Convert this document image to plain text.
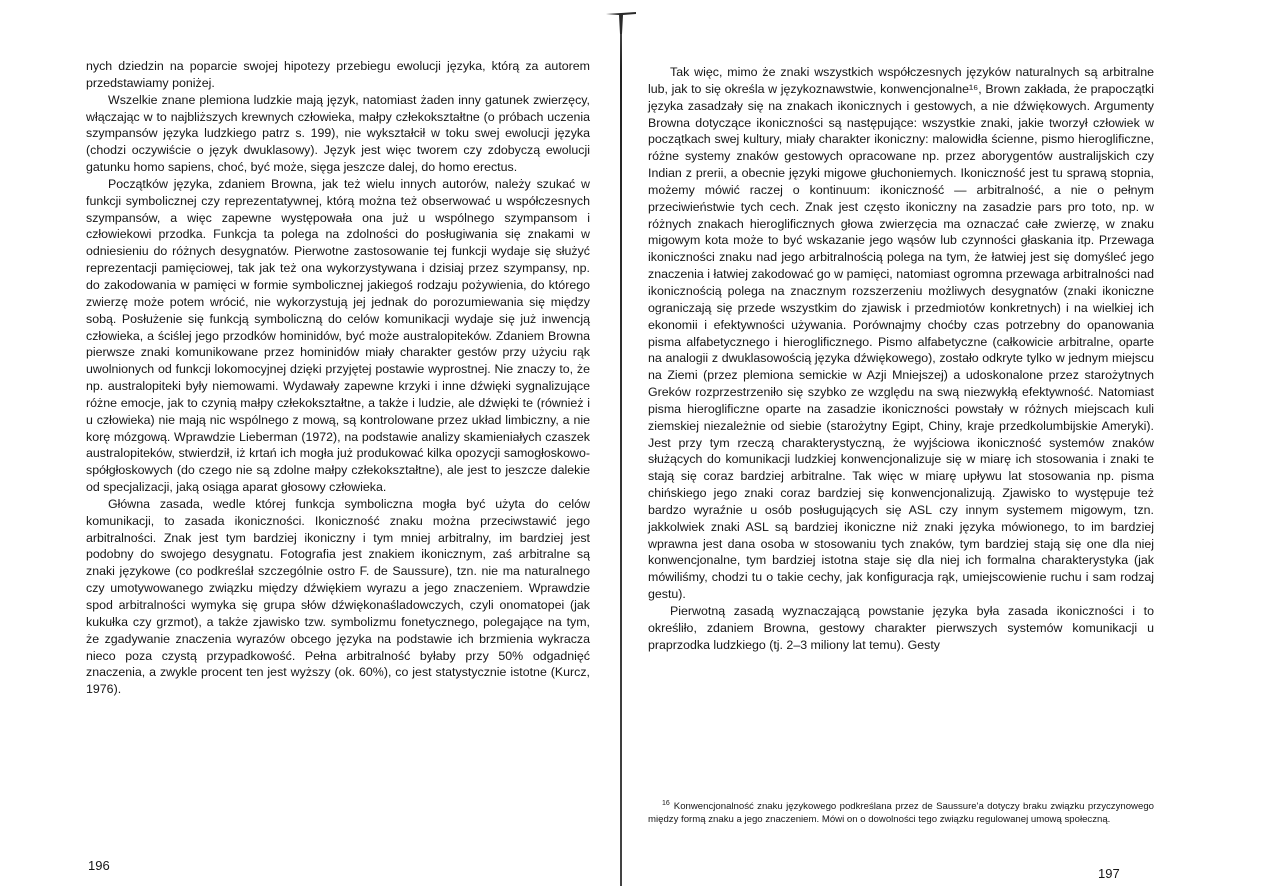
nych dziedzin na poparcie swojej hipotezy przebiegu ewolucji języka, którą za autorem przedstawiamy poniżej.

Wszelkie znane plemiona ludzkie mają język, natomiast żaden inny gatunek zwierzęcy, włączając w to najbliższych krewnych człowieka, małpy człekokształtne (o próbach uczenia szympansów języka ludzkiego patrz s. 199), nie wykształcił w toku swej ewolucji języka (chodzi oczywiście o język dwuklasowy). Język jest więc tworem czy zdobyczą ewolucji gatunku homo sapiens, choć, być może, sięga jeszcze dalej, do homo erectus.

Początków języka, zdaniem Browna, jak też wielu innych autorów, należy szukać w funkcji symbolicznej czy reprezentatywnej, którą można też obserwować u współczesnych szympansów, a więc zapewne występowała ona już u wspólnego szympansom i człowiekowi przodka. Funkcja ta polega na zdolności do posługiwania się znakami w odniesieniu do różnych desygnatów. Pierwotne zastosowanie tej funkcji wydaje się służyć reprezentacji pamięciowej, tak jak też ona wykorzystywana i dzisiaj przez szympansy, np. do zakodowania w pamięci w formie symbolicznej jakiegoś rodzaju pożywienia, do którego zwierzę może potem wrócić, nie wykorzystują jej jednak do porozumiewania się między sobą. Posłużenie się funkcją symboliczną do celów komunikacji wydaje się już inwencją człowieka, a ściślej jego przodków hominidów, być może australopiteków. Zdaniem Browna pierwsze znaki komunikowane przez hominidów miały charakter gestów przy użyciu rąk uwolnionych od funkcji lokomocyjnej dzięki przyjętej postawie wyprostnej. Nie znaczy to, że np. australopiteki były niemowami. Wydawały zapewne krzyki i inne dźwięki sygnalizujące różne emocje, jak to czynią małpy człekokształtne, a także i ludzie, ale dźwięki te (również i u człowieka) nie mają nic wspólnego z mową, są kontrolowane przez układ limbiczny, a nie korę mózgową. Wprawdzie Lieberman (1972), na podstawie analizy skamieniałych czaszek australopiteków, stwierdził, iż krtań ich mogła już produkować kilka opozycji samogłoskowo-spółgłoskowych (do czego nie są zdolne małpy człekokształtne), ale jest to jeszcze dalekie od specjalizacji, jaką osiąga aparat głosowy człowieka.

Główna zasada, wedle której funkcja symboliczna mogła być użyta do celów komunikacji, to zasada ikoniczności. Ikoniczność znaku można przeciwstawić jego arbitralności. Znak jest tym bardziej ikoniczny i tym mniej arbitralny, im bardziej jest podobny do swojego desygnatu. Fotografia jest znakiem ikonicznym, zaś arbitralne są znaki językowe (co podkreślał szczególnie ostro F. de Saussure), tzn. nie ma naturalnego czy umotywowanego związku między dźwiękiem wyrazu a jego znaczeniem. Wprawdzie spod arbitralności wymyka się grupa słów dźwiękonaśladowczych, czyli onomatopei (jak kukułka czy grzmot), a także zjawisko tzw. symbolizmu fonetycznego, polegające na tym, że zgadywanie znaczenia wyrazów obcego języka na podstawie ich brzmienia wykracza nieco poza czystą przypadkowość. Pełna arbitralność byłaby przy 50% odgadnięć znaczenia, a zwykle procent ten jest wyższy (ok. 60%), co jest statystycznie istotne (Kurcz, 1976).

196

Tak więc, mimo że znaki wszystkich współczesnych języków naturalnych są arbitralne lub, jak to się określa w językoznawstwie, konwencjonalne¹⁶, Brown zakłada, że prapoczątki języka zasadzały się na znakach ikonicznych i gestowych, a nie dźwiękowych. Argumenty Browna dotyczące ikoniczności są następujące: wszystkie znaki, jakie tworzył człowiek w początkach swej kultury, miały charakter ikoniczny: malowidła ścienne, pismo hieroglificzne, różne systemy znaków gestowych opracowane np. przez aborygentów australijskich czy Indian z prerii, a obecnie języki migowe głuchoniemych. Ikoniczność jest tu sprawą stopnia, możemy mówić raczej o kontinuum: ikoniczność — arbitralność, a nie o pełnym przeciwieństwie tych cech. Znak jest często ikoniczny na zasadzie pars pro toto, np. w różnych znakach hieroglificznych głowa zwierzęcia ma oznaczać całe zwierzę, w znaku migowym kota może to być wskazanie jego wąsów lub czynności głaskania itp. Przewaga ikoniczności znaku nad jego arbitralnością polega na tym, że łatwiej jest się domyśleć jego znaczenia i łatwiej zakodować go w pamięci, natomiast ogromna przewaga arbitralności nad ikonicznością polega na znacznym rozszerzeniu możliwych desygnatów (znaki ikoniczne ograniczają się przede wszystkim do zjawisk i przedmiotów konkretnych) i na wielkiej ich ekonomii i efektywności używania. Porównajmy choćby czas potrzebny do opanowania pisma alfabetycznego i hieroglificznego. Pismo alfabetyczne (całkowicie arbitralne, oparte na analogii z dwuklasowością języka dźwiękowego), zostało odkryte tylko w jednym miejscu na Ziemi (przez plemiona semickie w Azji Mniejszej) a udoskonalone przez starożytnych Greków rozprzestrzeniło się szybko ze względu na swą niezwykłą efektywność. Natomiast pisma hieroglificzne oparte na zasadzie ikoniczności powstały w różnych miejscach kuli ziemskiej niezależnie od siebie (starożytny Egipt, Chiny, kraje przedkolumbijskie Ameryki). Jest przy tym rzeczą charakterystyczną, że wyjściowa ikoniczność systemów znaków służących do komunikacji ludzkiej konwencjonalizuje się w miarę ich stosowania i znaki te stają się coraz bardziej arbitralne. Tak więc w miarę upływu lat stosowania np. pisma chińskiego jego znaki coraz bardziej się konwencjonalizują. Zjawisko to występuje też bardzo wyraźnie u osób posługujących się ASL czy innym systemem migowym, tzn. jakkolwiek znaki ASL są bardziej ikoniczne niż znaki języka mówionego, to im bardziej wprawna jest dana osoba w stosowaniu tych znaków, tym bardziej stają się one dla niej konwencjonalne, tym bardziej istotna staje się dla niej ich formalna charakterystyka (jak mówiliśmy, chodzi tu o takie cechy, jak konfiguracja rąk, umiejscowienie ruchu i sam rodzaj gestu).

Pierwotną zasadą wyznaczającą powstanie języka była zasada ikoniczności i to określiło, zdaniem Browna, gestowy charakter pierwszych systemów komunikacji u praprzodka ludzkiego (tj. 2–3 miliony lat temu). Gesty

$^{16}$ Konwencjonalność znaku językowego podkreślana przez de Saussure'a dotyczy braku związku przyczynowego między formą znaku a jego znaczeniem. Mówi on o dowolności tego związku regulowanej umową społeczną.

197
